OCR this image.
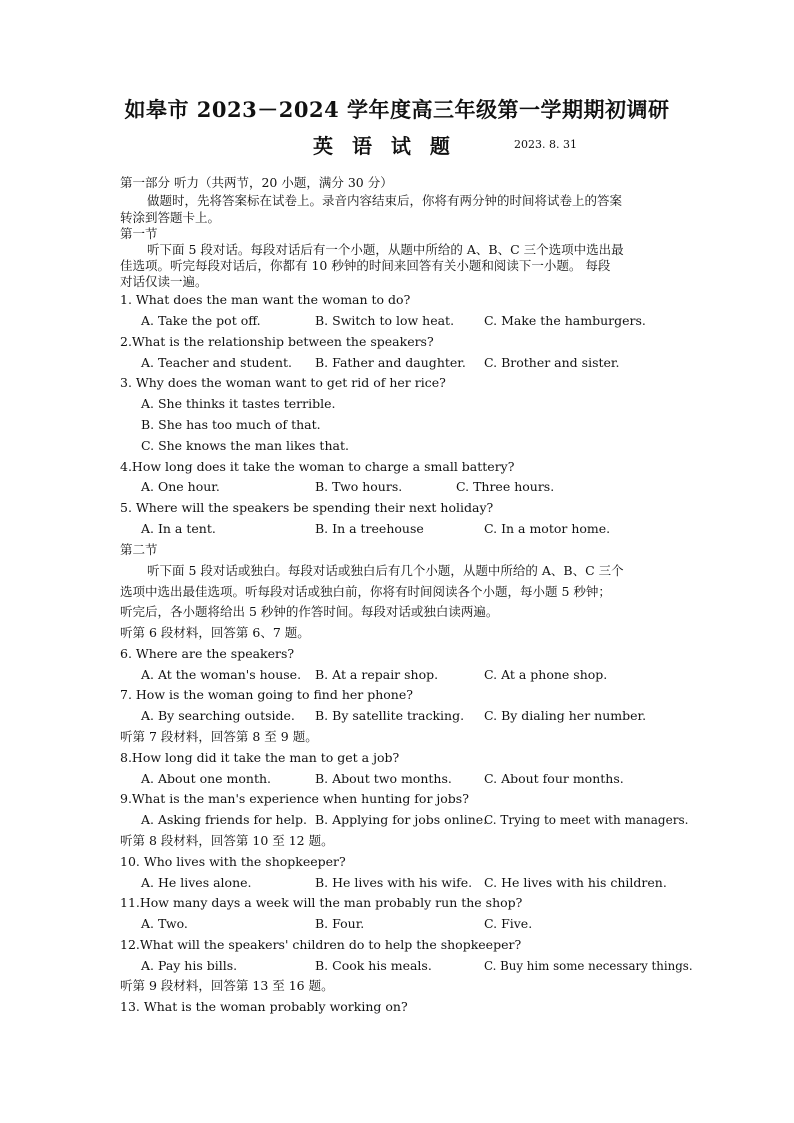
如皋市 2023－2024 学年度高三年级第一学期期初调研
英 语 试 题	2023. 8. 31
第一部分 听力（共两节，20 小题，满分 30 分）
做题时，先将答案标在试卷上。录音内容结束后，你将有两分钟的时间将试卷上的答案
转涂到答题卡上。
第一节
听下面 5 段对话。每段对话后有一个小题，从题中所给的 A、B、C 三个选项中选出最
佳选项。听完每段对话后，你都有 10 秒钟的时间来回答有关小题和阅读下一小题。 每段
对话仅读一遍。
1. What does the man want the woman to do?
A. Take the pot off.	B. Switch to low heat. C. Make the hamburgers.
2.What is the relationship between the speakers?
A. Teacher and student. B. Father and daughter. C. Brother and sister.
3. Why does the woman want to get rid of her rice?
A. She thinks it tastes terrible.
B. She has too much of that.
C. She knows the man likes that.
4.How long does it take the woman to charge a small battery?
A. One hour.	B. Two hours.	C. Three hours.
5. Where will the speakers be spending their next holiday?
A. In a tent.	B. In a treehouse	C. In a motor home.
第二节
听下面 5 段对话或独白。每段对话或独白后有几个小题，从题中所给的 A、B、C 三个
选项中选出最佳选项。听每段对话或独白前，你将有时间阅读各个小题，每小题 5 秒钟；
听完后，各小题将给出 5 秒钟的作答时间。每段对话或独白读两遍。
听第 6 段材料，回答第 6、7 题。
6. Where are the speakers?
A. At the woman's house. B. At a repair shop.	C. At a phone shop.
7. How is the woman going to find her phone?
A. By searching outside. B. By satellite tracking. C. By dialing her number.
听第 7 段材料，回答第 8 至 9 题。
8.How long did it take the man to get a job?
A. About one month.	B. About two months.	C. About four months.
9.What is the man's experience when hunting for jobs?
A. Asking friends for help. B. Applying for jobs online.
C. Trying to meet with managers.
听第 8 段材料，回答第 10 至 12 题。
10. Who lives with the shopkeeper?
A. He lives alone.	B. He lives with his wife. C. He lives with his children.
11.How many days a week will the man probably run the shop?
A. Two.	B. Four.	C. Five.
12.What will the speakers' children do to help the shopkeeper?
A. Pay his bills.	B. Cook his meals.	C. Buy him some necessary things.
听第 9 段材料，回答第 13 至 16 题。
13. What is the woman probably working on?
